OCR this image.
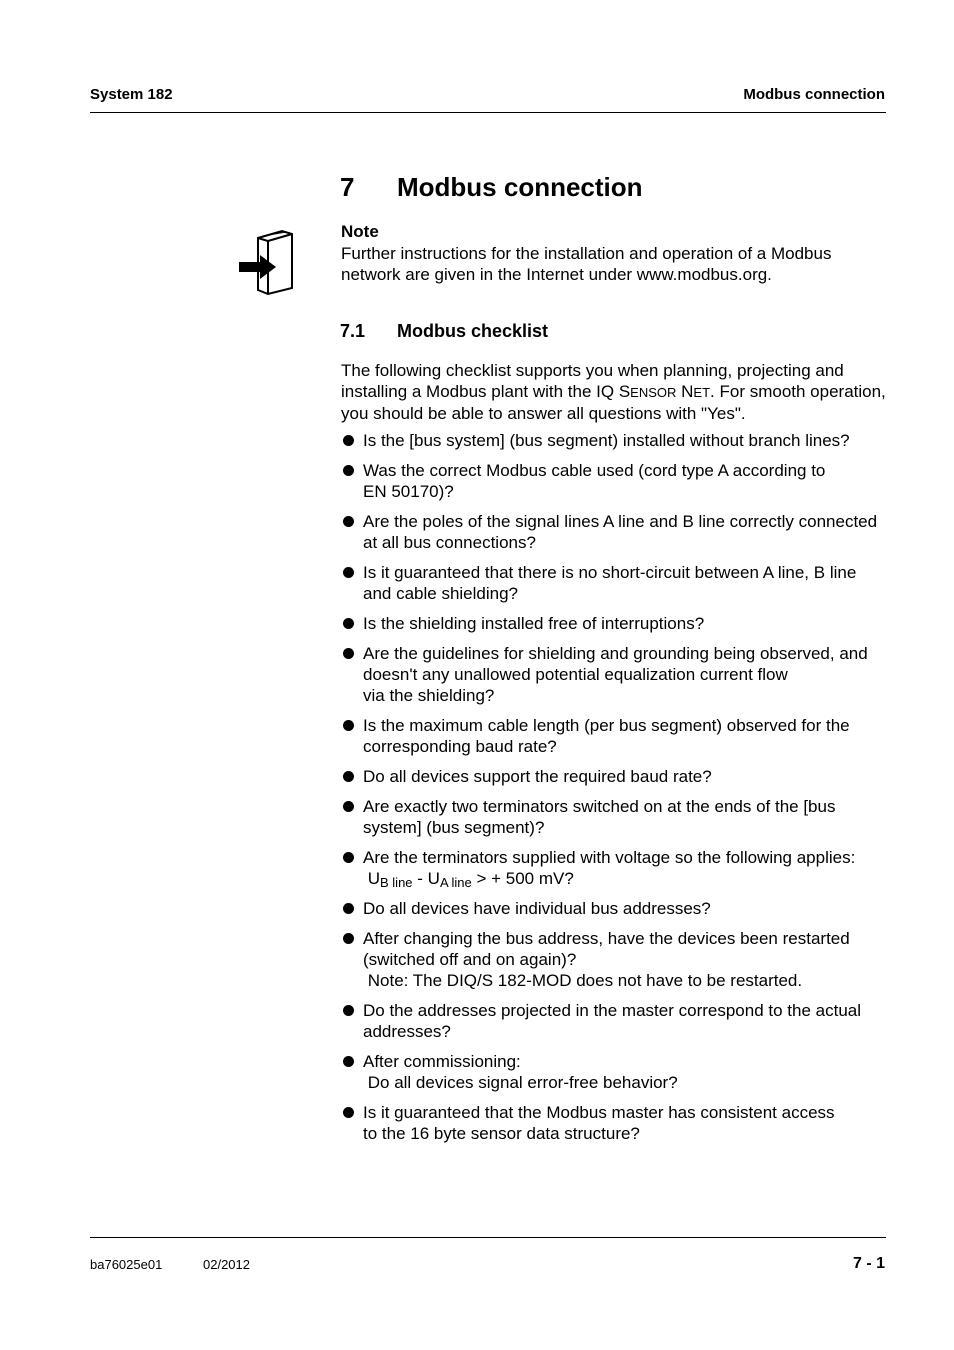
System 182	Modbus connection
7 Modbus connection
Note
Further instructions for the installation and operation of a Modbus network are given in the Internet under www.modbus.org.
7.1 Modbus checklist
The following checklist supports you when planning, projecting and installing a Modbus plant with the IQ SENSOR NET. For smooth operation, you should be able to answer all questions with "Yes".
Is the [bus system] (bus segment) installed without branch lines?
Was the correct Modbus cable used (cord type A according to
EN 50170)?
Are the poles of the signal lines A line and B line correctly connected at all bus connections?
Is it guaranteed that there is no short-circuit between A line, B line and cable shielding?
Is the shielding installed free of interruptions?
Are the guidelines for shielding and grounding being observed, and doesn't any unallowed potential equalization current flow
via the shielding?
Is the maximum cable length (per bus segment) observed for the corresponding baud rate?
Do all devices support the required baud rate?
Are exactly two terminators switched on at the ends of the [bus system] (bus segment)?
Are the terminators supplied with voltage so the following applies:
$U_{B line} - U_{A line}$ > + 500 mV?
Do all devices have individual bus addresses?
After changing the bus address, have the devices been restarted (switched off and on again)?
Note: The DIQ/S 182-MOD does not have to be restarted.
Do the addresses projected in the master correspond to the actual addresses?
After commissioning:
Do all devices signal error-free behavior?
Is it guaranteed that the Modbus master has consistent access
to the 16 byte sensor data structure?
ba76025e01	02/2012	7 - 1
